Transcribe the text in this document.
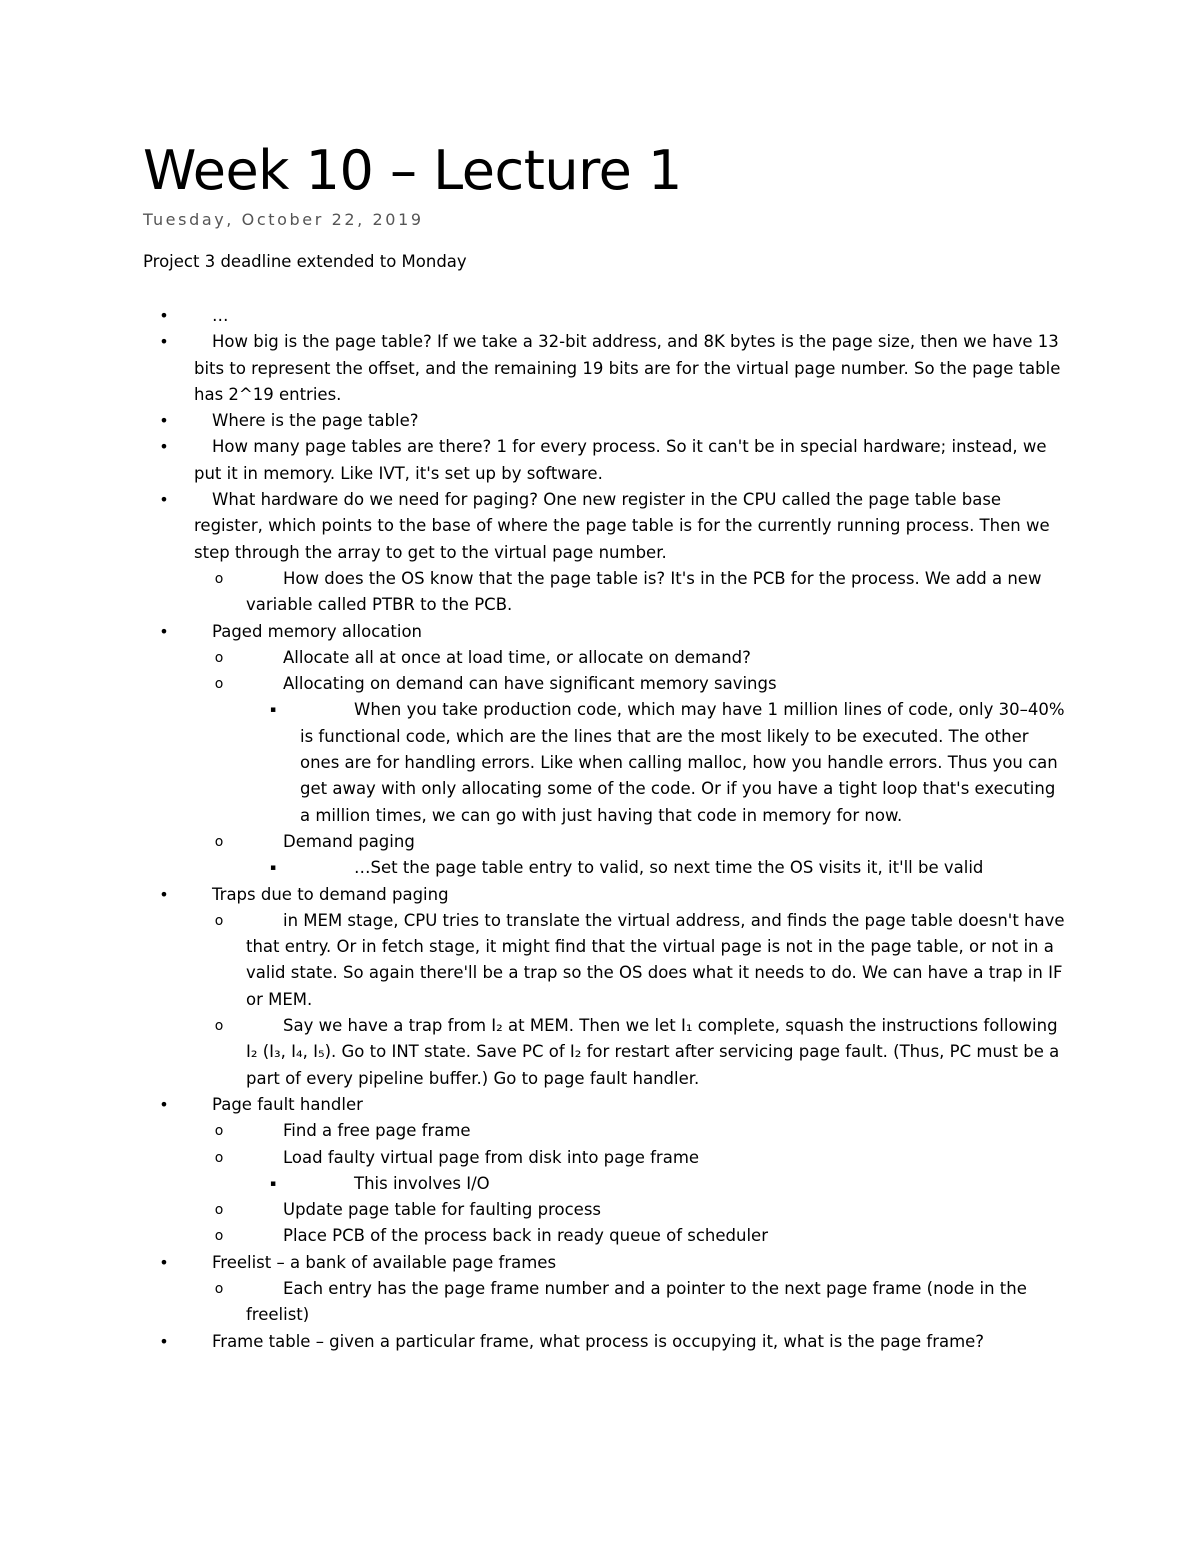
Week 10 – Lecture 1
Tuesday, October 22, 2019
Project 3 deadline extended to Monday
•	…
•	How big is the page table? If we take a 32-bit address, and 8K bytes is the page size, then we have 13 bits to represent the offset, and the remaining 19 bits are for the virtual page number. So the page table has 2^19 entries.
•	Where is the page table?
•	How many page tables are there? 1 for every process. So it can't be in special hardware; instead, we put it in memory. Like IVT, it's set up by software.
•	What hardware do we need for paging? One new register in the CPU called the page table base register, which points to the base of where the page table is for the currently running process. Then we step through the array to get to the virtual page number.
o	How does the OS know that the page table is? It's in the PCB for the process. We add a new variable called PTBR to the PCB.
•	Paged memory allocation
o	Allocate all at once at load time, or allocate on demand?
o	Allocating on demand can have significant memory savings
▪	When you take production code, which may have 1 million lines of code, only 30–40% is functional code, which are the lines that are the most likely to be executed. The other ones are for handling errors. Like when calling malloc, how you handle errors. Thus you can get away with only allocating some of the code. Or if you have a tight loop that's executing a million times, we can go with just having that code in memory for now.
o	Demand paging
▪	…Set the page table entry to valid, so next time the OS visits it, it'll be valid
•	Traps due to demand paging
o	in MEM stage, CPU tries to translate the virtual address, and finds the page table doesn't have that entry. Or in fetch stage, it might find that the virtual page is not in the page table, or not in a valid state. So again there'll be a trap so the OS does what it needs to do. We can have a trap in IF or MEM.
o	Say we have a trap from I₂ at MEM. Then we let I₁ complete, squash the instructions following I₂ (I₃, I₄, I₅). Go to INT state. Save PC of I₂ for restart after servicing page fault. (Thus, PC must be a part of every pipeline buffer.) Go to page fault handler.
•	Page fault handler
o	Find a free page frame
o	Load faulty virtual page from disk into page frame
▪	This involves I/O
o	Update page table for faulting process
o	Place PCB of the process back in ready queue of scheduler
•	Freelist – a bank of available page frames
o	Each entry has the page frame number and a pointer to the next page frame (node in the freelist)
•	Frame table – given a particular frame, what process is occupying it, what is the page frame?
